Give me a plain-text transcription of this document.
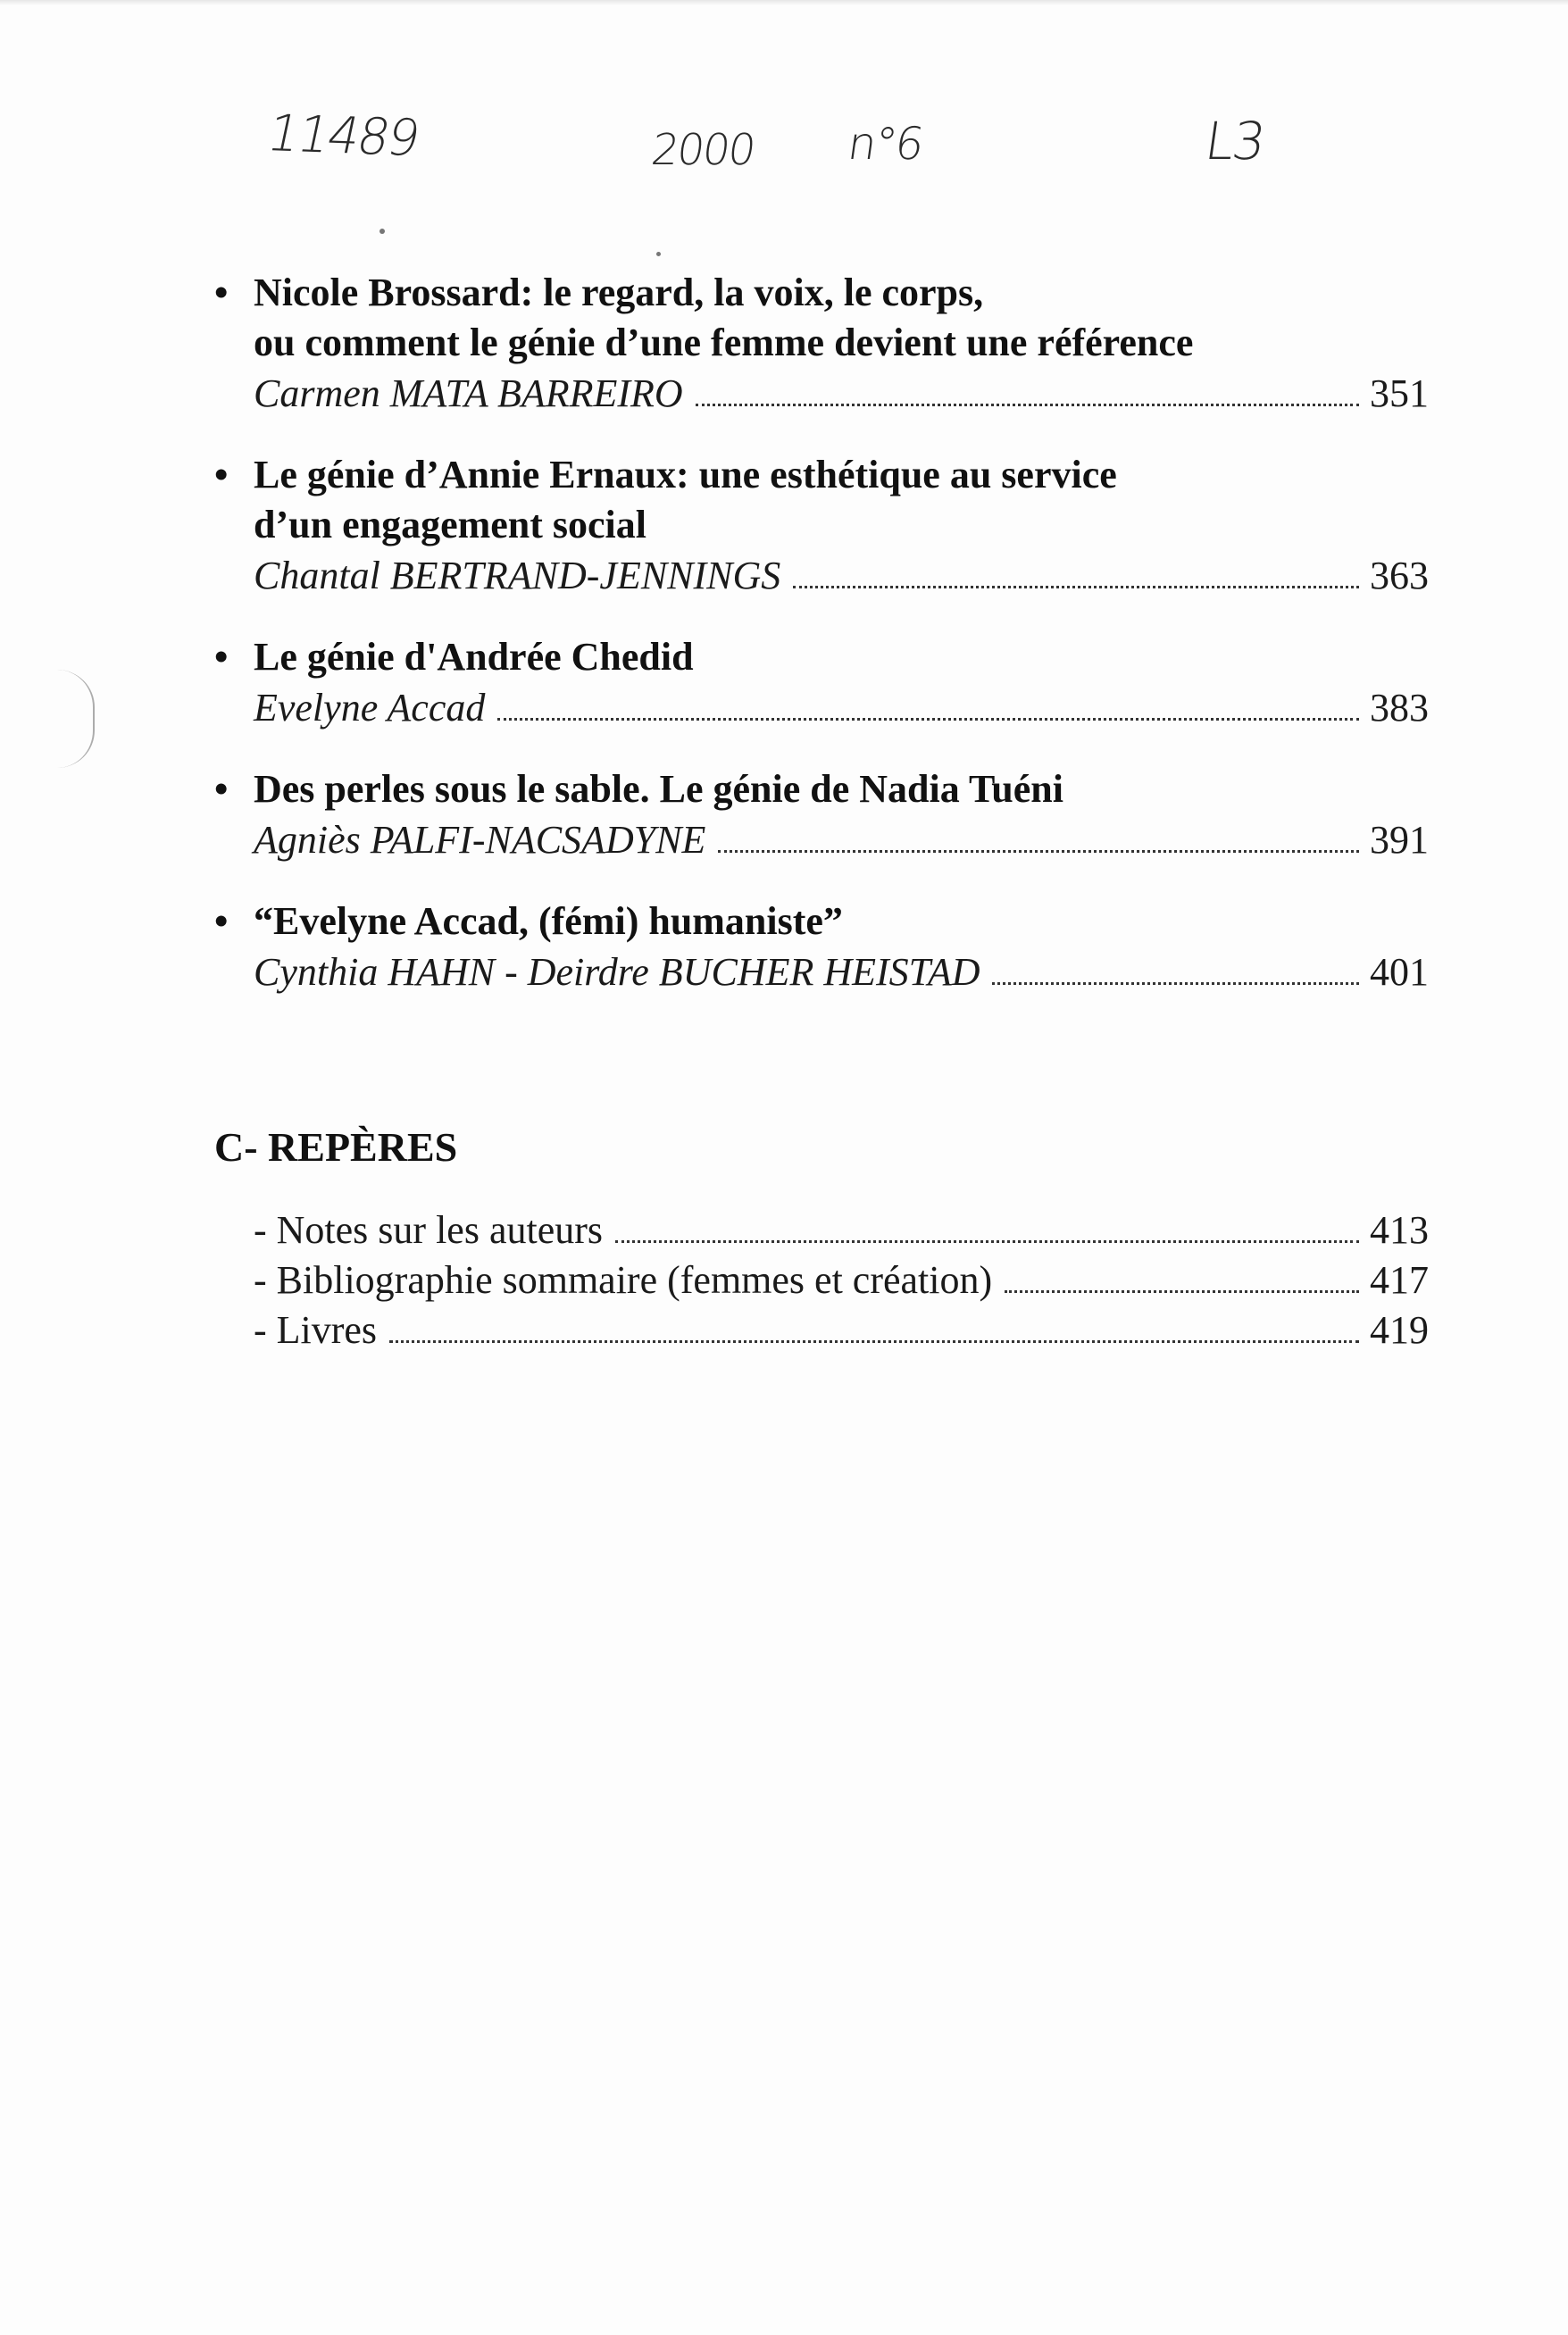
11489	2000 n°6	L3
• Nicole Brossard: le regard, la voix, le corps,
ou comment le génie d’une femme devient une référence
Carmen MATA BARREIRO	351
• Le génie d’Annie Ernaux: une esthétique au service
d’un engagement social
Chantal BERTRAND-JENNINGS	363
• Le génie d'Andrée Chedid
Evelyne Accad	383
• Des perles sous le sable. Le génie de Nadia Tuéni
Agniès PALFI-NACSADYNE	391
• “Evelyne Accad, (fémi) humaniste”
Cynthia HAHN - Deirdre BUCHER HEISTAD	401
C- REPÈRES
- Notes sur les auteurs	413
- Bibliographie sommaire (femmes et création)	417
- Livres	419
